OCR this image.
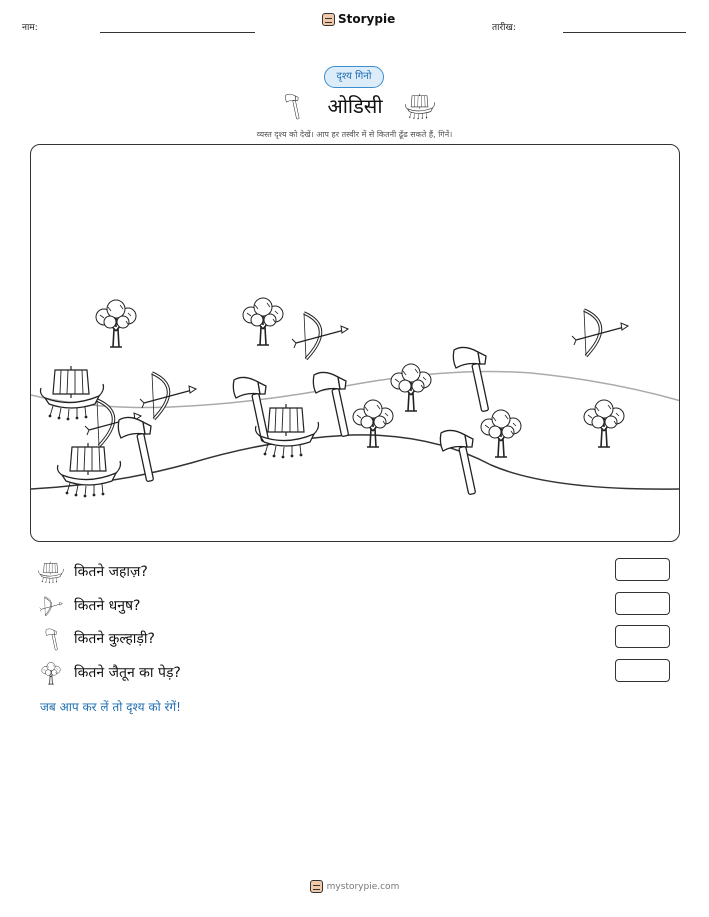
नाम:
Storypie
तारीख:
दृश्य गिनो
ओडिसी
व्यस्त दृश्य को देखें। आप हर तस्वीर में से कितनी ढूँढ सकते हैं, गिनें।
कितने जहाज़?
कितने धनुष?
कितने कुल्हाड़ी?
कितने जैतून का पेड़?
जब आप कर लें तो दृश्य को रंगें!
mystorypie.com
